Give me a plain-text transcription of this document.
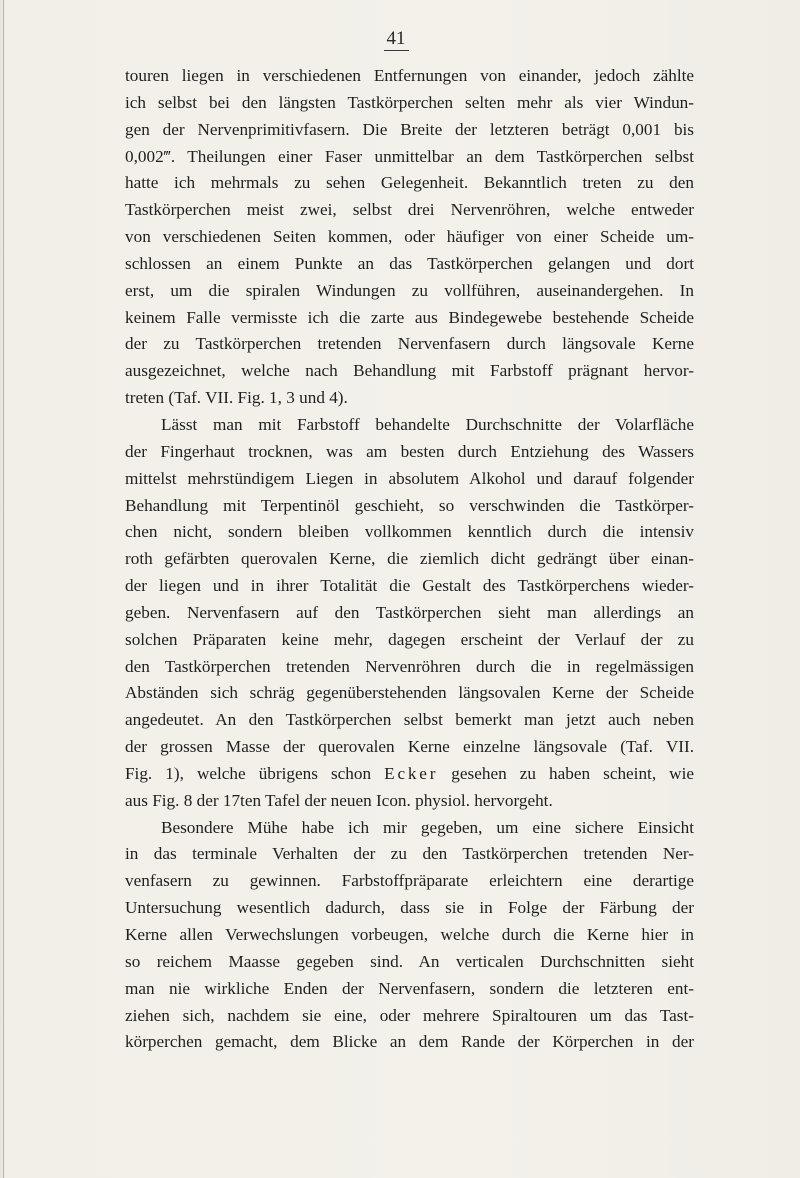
41
touren liegen in verschiedenen Entfernungen von einander, jedoch zählte
ich selbst bei den längsten Tastkörperchen selten mehr als vier Windun-
gen der Nervenprimitivfasern. Die Breite der letzteren beträgt 0,001 bis
0,002‴. Theilungen einer Faser unmittelbar an dem Tastkörperchen selbst
hatte ich mehrmals zu sehen Gelegenheit. Bekanntlich treten zu den
Tastkörperchen meist zwei, selbst drei Nervenröhren, welche entweder
von verschiedenen Seiten kommen, oder häufiger von einer Scheide um-
schlossen an einem Punkte an das Tastkörperchen gelangen und dort
erst, um die spiralen Windungen zu vollführen, auseinandergehen. In
keinem Falle vermisste ich die zarte aus Bindegewebe bestehende Scheide
der zu Tastkörperchen tretenden Nervenfasern durch längsovale Kerne
ausgezeichnet, welche nach Behandlung mit Farbstoff prägnant hervor-
treten (Taf. VII. Fig. 1, 3 und 4).
Lässt man mit Farbstoff behandelte Durchschnitte der Volarfläche
der Fingerhaut trocknen, was am besten durch Entziehung des Wassers
mittelst mehrstündigem Liegen in absolutem Alkohol und darauf folgender
Behandlung mit Terpentinöl geschieht, so verschwinden die Tastkörper-
chen nicht, sondern bleiben vollkommen kenntlich durch die intensiv
roth gefärbten querovalen Kerne, die ziemlich dicht gedrängt über einan-
der liegen und in ihrer Totalität die Gestalt des Tastkörperchens wieder-
geben. Nervenfasern auf den Tastkörperchen sieht man allerdings an
solchen Präparaten keine mehr, dagegen erscheint der Verlauf der zu
den Tastkörperchen tretenden Nervenröhren durch die in regelmässigen
Abständen sich schräg gegenüberstehenden längsovalen Kerne der Scheide
angedeutet. An den Tastkörperchen selbst bemerkt man jetzt auch neben
der grossen Masse der querovalen Kerne einzelne längsovale (Taf. VII.
Fig. 1), welche übrigens schon Ecker gesehen zu haben scheint, wie
aus Fig. 8 der 17ten Tafel der neuen Icon. physiol. hervorgeht.
Besondere Mühe habe ich mir gegeben, um eine sichere Einsicht
in das terminale Verhalten der zu den Tastkörperchen tretenden Ner-
venfasern zu gewinnen. Farbstoffpräparate erleichtern eine derartige
Untersuchung wesentlich dadurch, dass sie in Folge der Färbung der
Kerne allen Verwechslungen vorbeugen, welche durch die Kerne hier in
so reichem Maasse gegeben sind. An verticalen Durchschnitten sieht
man nie wirkliche Enden der Nervenfasern, sondern die letzteren ent-
ziehen sich, nachdem sie eine, oder mehrere Spiraltouren um das Tast-
körperchen gemacht, dem Blicke an dem Rande der Körperchen in der
